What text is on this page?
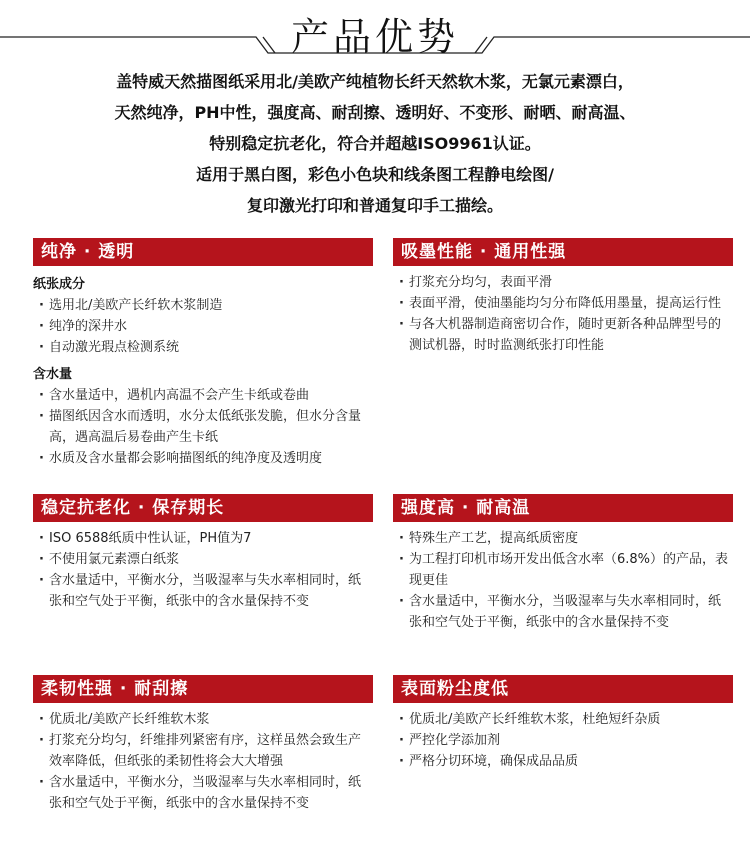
产品优势
盖特威天然描图纸采用北/美欧产纯植物长纤天然软木浆，无氯元素漂白，
天然纯净，PH中性，强度高、耐刮擦、透明好、不变形、耐晒、耐高温、
特别稳定抗老化，符合并超越ISO9961认证。
适用于黑白图，彩色小色块和线条图工程静电绘图/
复印激光打印和普通复印手工描绘。
纯净 · 透明
纸张成分
· 选用北/美欧产长纤软木浆制造
· 纯净的深井水
· 自动激光瑕点检测系统
含水量
· 含水量适中，遇机内高温不会产生卡纸或卷曲
· 描图纸因含水而透明，水分太低纸张发脆，但水分含量高，遇高温后易卷曲产生卡纸
· 水质及含水量都会影响描图纸的纯净度及透明度
吸墨性能 · 通用性强
· 打浆充分均匀，表面平滑
· 表面平滑，使油墨能均匀分布降低用墨量，提高运行性
· 与各大机器制造商密切合作，随时更新各种品牌型号的测试机器，时时监测纸张打印性能
稳定抗老化 · 保存期长
· ISO 6588纸质中性认证，PH值为7
· 不使用氯元素漂白纸浆
· 含水量适中，平衡水分，当吸湿率与失水率相同时，纸张和空气处于平衡，纸张中的含水量保持不变
强度高 · 耐高温
· 特殊生产工艺，提高纸质密度
· 为工程打印机市场开发出低含水率（6.8%）的产品，表现更佳
· 含水量适中，平衡水分，当吸湿率与失水率相同时，纸张和空气处于平衡，纸张中的含水量保持不变
柔韧性强 · 耐刮擦
· 优质北/美欧产长纤维软木浆
· 打浆充分均匀，纤维排列紧密有序，这样虽然会致生产效率降低，但纸张的柔韧性将会大大增强
· 含水量适中，平衡水分，当吸湿率与失水率相同时，纸张和空气处于平衡，纸张中的含水量保持不变
表面粉尘度低
· 优质北/美欧产长纤维软木浆，杜绝短纤杂质
· 严控化学添加剂
· 严格分切环境，确保成品品质
